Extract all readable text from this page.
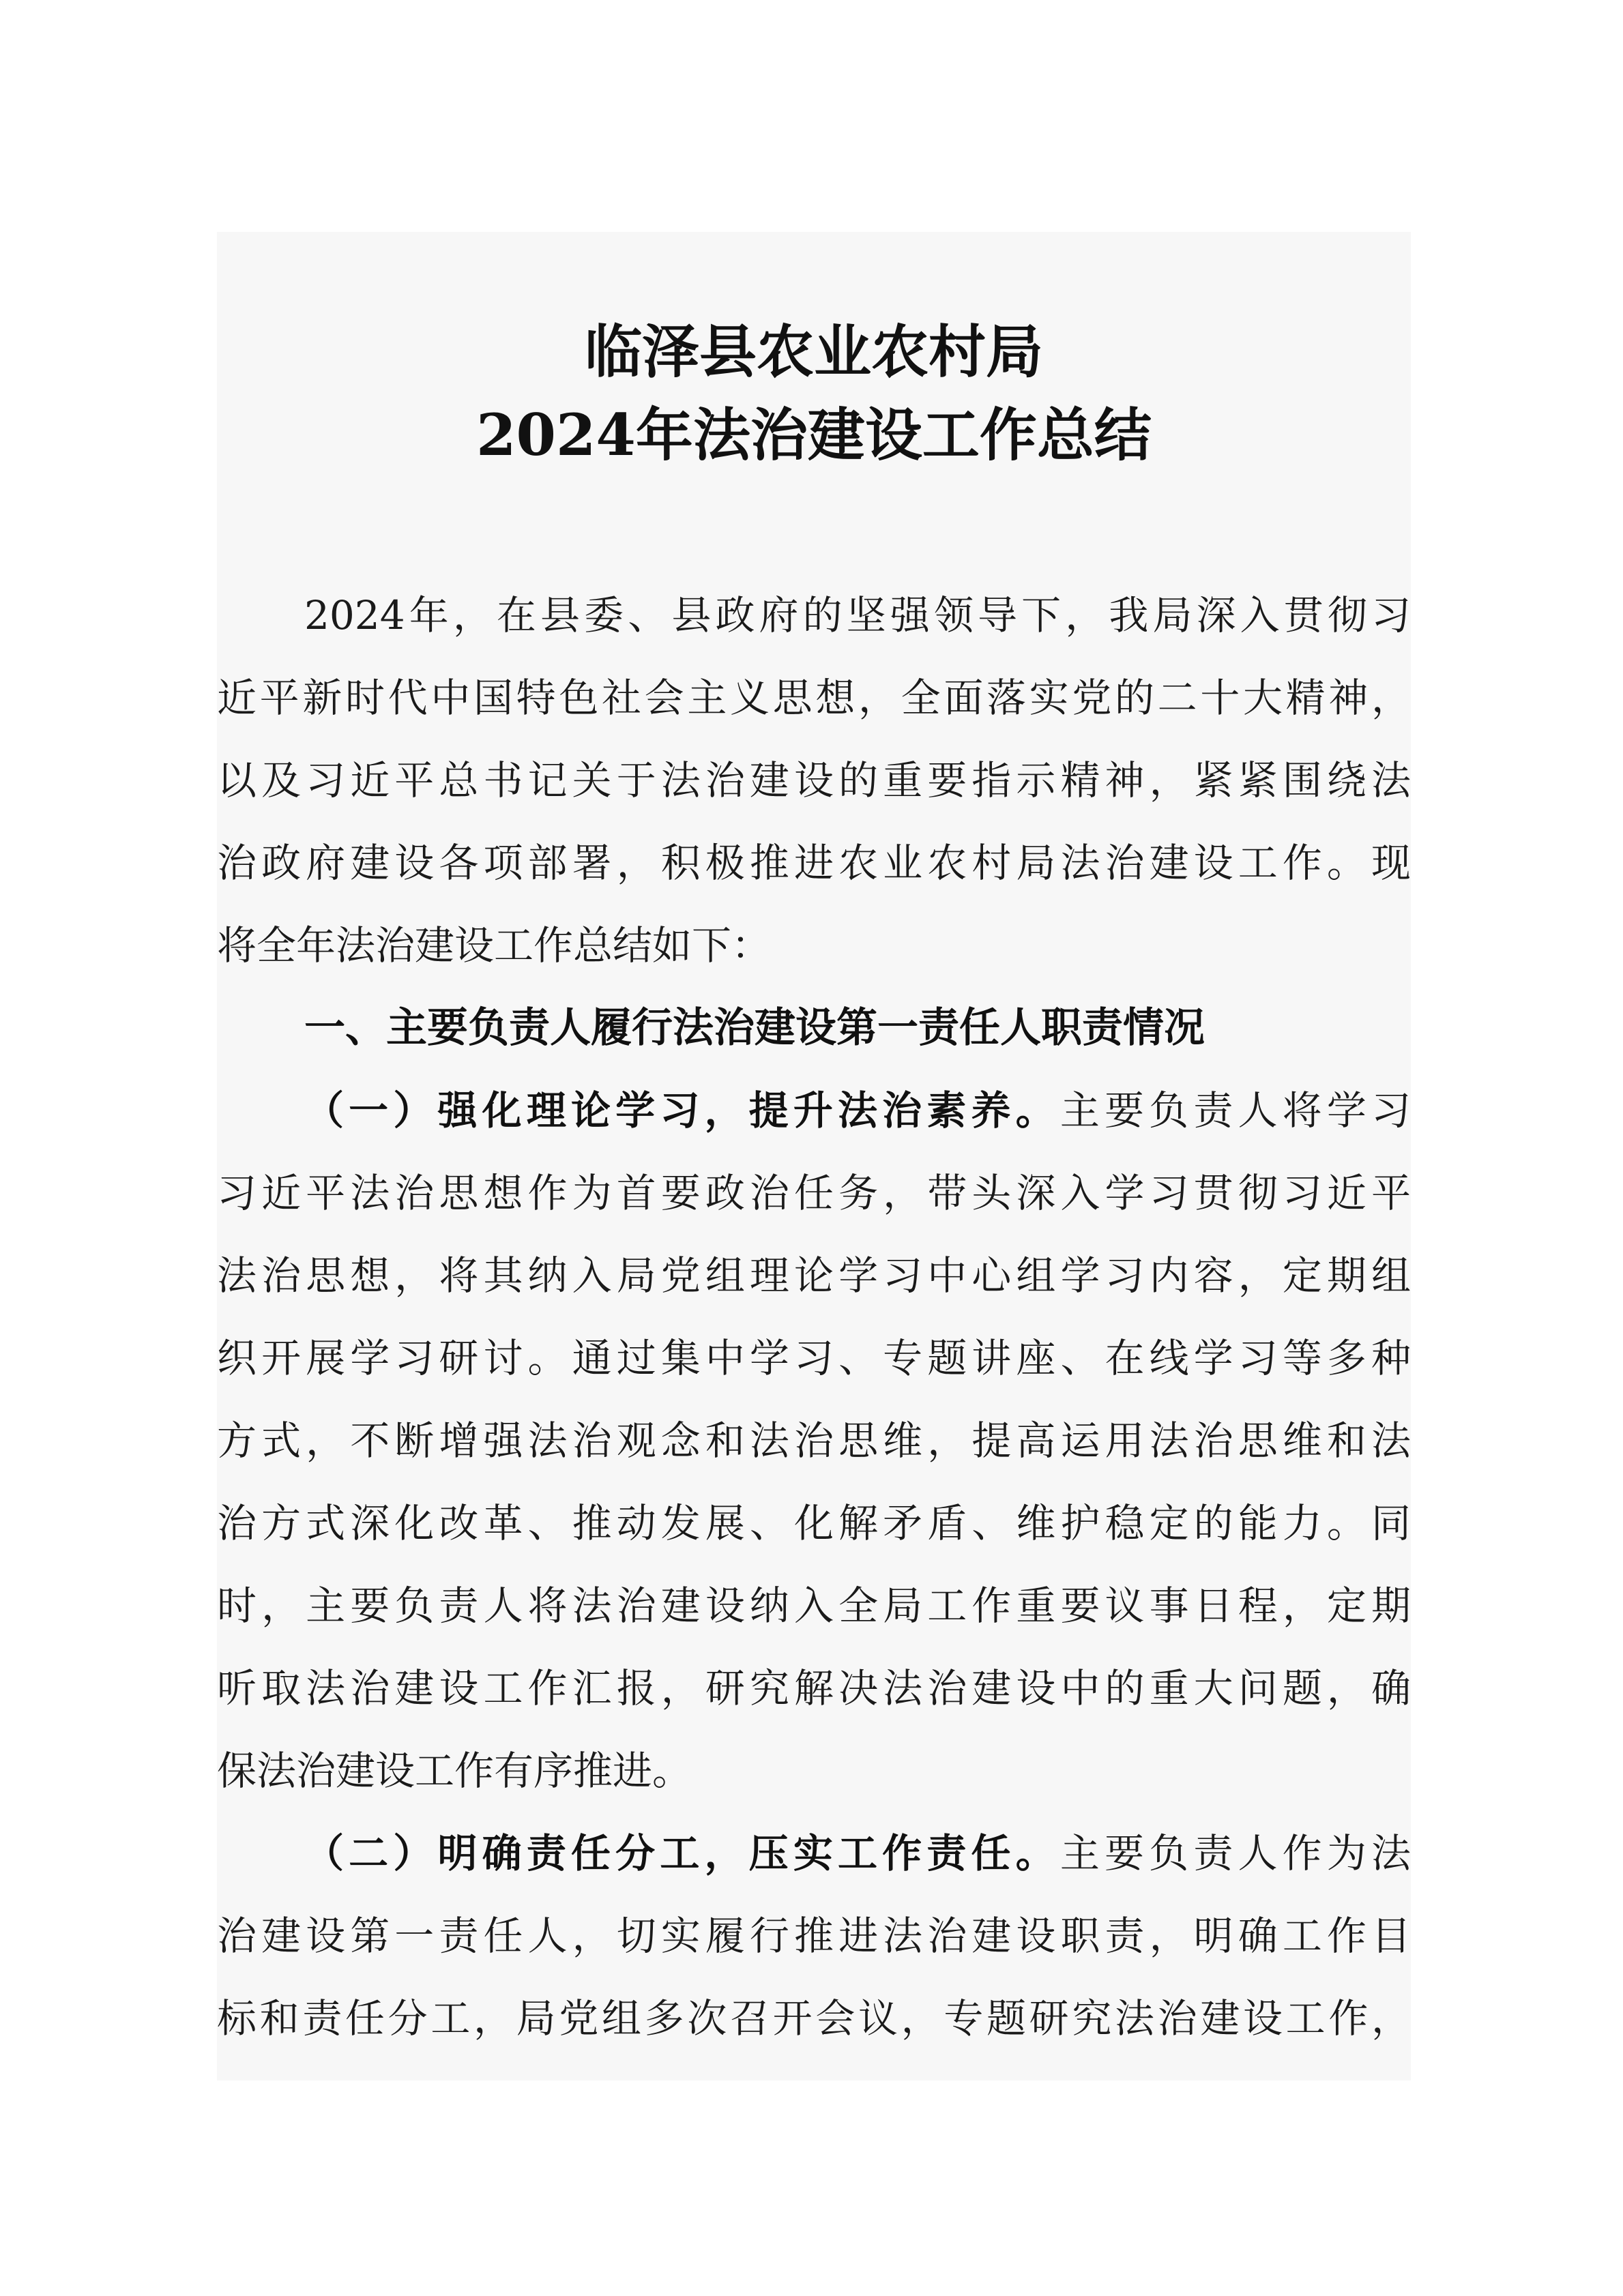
临泽县农业农村局
2024年法治建设工作总结
2024年，在县委、县政府的坚强领导下，我局深入贯彻习
近平新时代中国特色社会主义思想，全面落实党的二十大精神，
以及习近平总书记关于法治建设的重要指示精神，紧紧围绕法
治政府建设各项部署，积极推进农业农村局法治建设工作。现
将全年法治建设工作总结如下：
一、主要负责人履行法治建设第一责任人职责情况
（一）强化理论学习，提升法治素养。主要负责人将学习
习近平法治思想作为首要政治任务，带头深入学习贯彻习近平
法治思想，将其纳入局党组理论学习中心组学习内容，定期组
织开展学习研讨。通过集中学习、专题讲座、在线学习等多种
方式，不断增强法治观念和法治思维，提高运用法治思维和法
治方式深化改革、推动发展、化解矛盾、维护稳定的能力。同
时，主要负责人将法治建设纳入全局工作重要议事日程，定期
听取法治建设工作汇报，研究解决法治建设中的重大问题，确
保法治建设工作有序推进。
（二）明确责任分工，压实工作责任。主要负责人作为法
治建设第一责任人，切实履行推进法治建设职责，明确工作目
标和责任分工，局党组多次召开会议，专题研究法治建设工作，
